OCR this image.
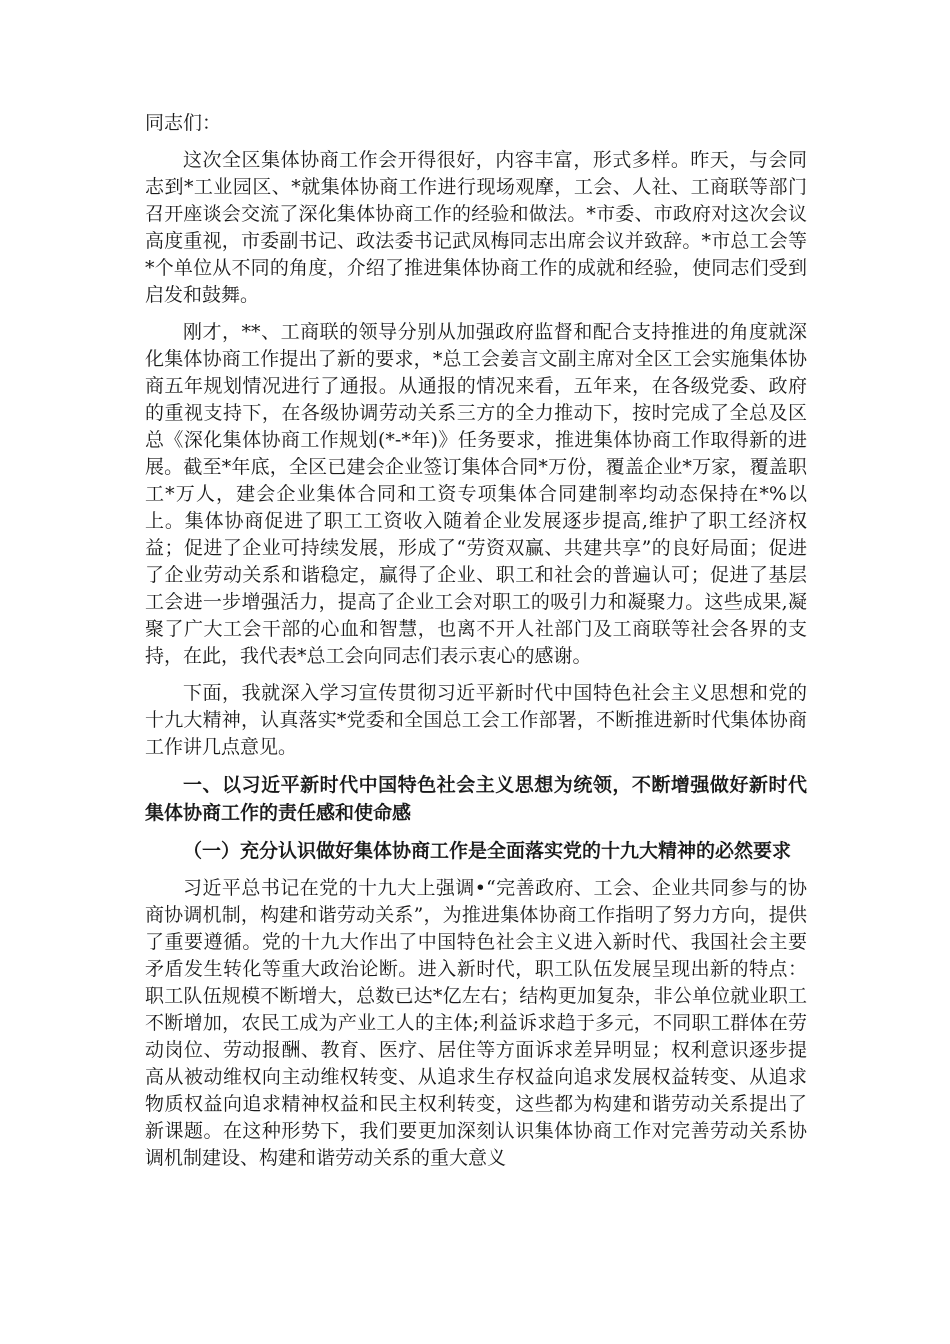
同志们：

这次全区集体协商工作会开得很好，内容丰富，形式多样。昨天，与会同志到*工业园区、*就集体协商工作进行现场观摩，工会、人社、工商联等部门召开座谈会交流了深化集体协商工作的经验和做法。*市委、市政府对这次会议高度重视，市委副书记、政法委书记武凤梅同志出席会议并致辞。*市总工会等*个单位从不同的角度，介绍了推进集体协商工作的成就和经验，使同志们受到启发和鼓舞。

刚才，**、工商联的领导分别从加强政府监督和配合支持推进的角度就深化集体协商工作提出了新的要求，*总工会姜言文副主席对全区工会实施集体协商五年规划情况进行了通报。从通报的情况来看，五年来，在各级党委、政府的重视支持下，在各级协调劳动关系三方的全力推动下，按时完成了全总及区总《深化集体协商工作规划(*-*年)》任务要求，推进集体协商工作取得新的进展。截至*年底，全区已建会企业签订集体合同*万份，覆盖企业*万家，覆盖职工*万人，建会企业集体合同和工资专项集体合同建制率均动态保持在*%以上。集体协商促进了职工工资收入随着企业发展逐步提高,维护了职工经济权益；促进了企业可持续发展，形成了“劳资双赢、共建共享”的良好局面；促进了企业劳动关系和谐稳定，赢得了企业、职工和社会的普遍认可；促进了基层工会进一步增强活力，提高了企业工会对职工的吸引力和凝聚力。这些成果,凝聚了广大工会干部的心血和智慧，也离不开人社部门及工商联等社会各界的支持，在此，我代表*总工会向同志们表示衷心的感谢。

下面，我就深入学习宣传贯彻习近平新时代中国特色社会主义思想和党的十九大精神，认真落实*党委和全国总工会工作部署，不断推进新时代集体协商工作讲几点意见。

一、以习近平新时代中国特色社会主义思想为统领，不断增强做好新时代集体协商工作的责任感和使命感

（一）充分认识做好集体协商工作是全面落实党的十九大精神的必然要求

习近平总书记在党的十九大上强调•“完善政府、工会、企业共同参与的协商协调机制，构建和谐劳动关系”，为推进集体协商工作指明了努力方向，提供了重要遵循。党的十九大作出了中国特色社会主义进入新时代、我国社会主要矛盾发生转化等重大政治论断。进入新时代，职工队伍发展呈现出新的特点：职工队伍规模不断增大，总数已达*亿左右；结构更加复杂，非公单位就业职工不断增加，农民工成为产业工人的主体;利益诉求趋于多元，不同职工群体在劳动岗位、劳动报酬、教育、医疗、居住等方面诉求差异明显；权利意识逐步提高从被动维权向主动维权转变、从追求生存权益向追求发展权益转变、从追求物质权益向追求精神权益和民主权利转变，这些都为构建和谐劳动关系提出了新课题。在这种形势下，我们要更加深刻认识集体协商工作对完善劳动关系协调机制建设、构建和谐劳动关系的重大意义
